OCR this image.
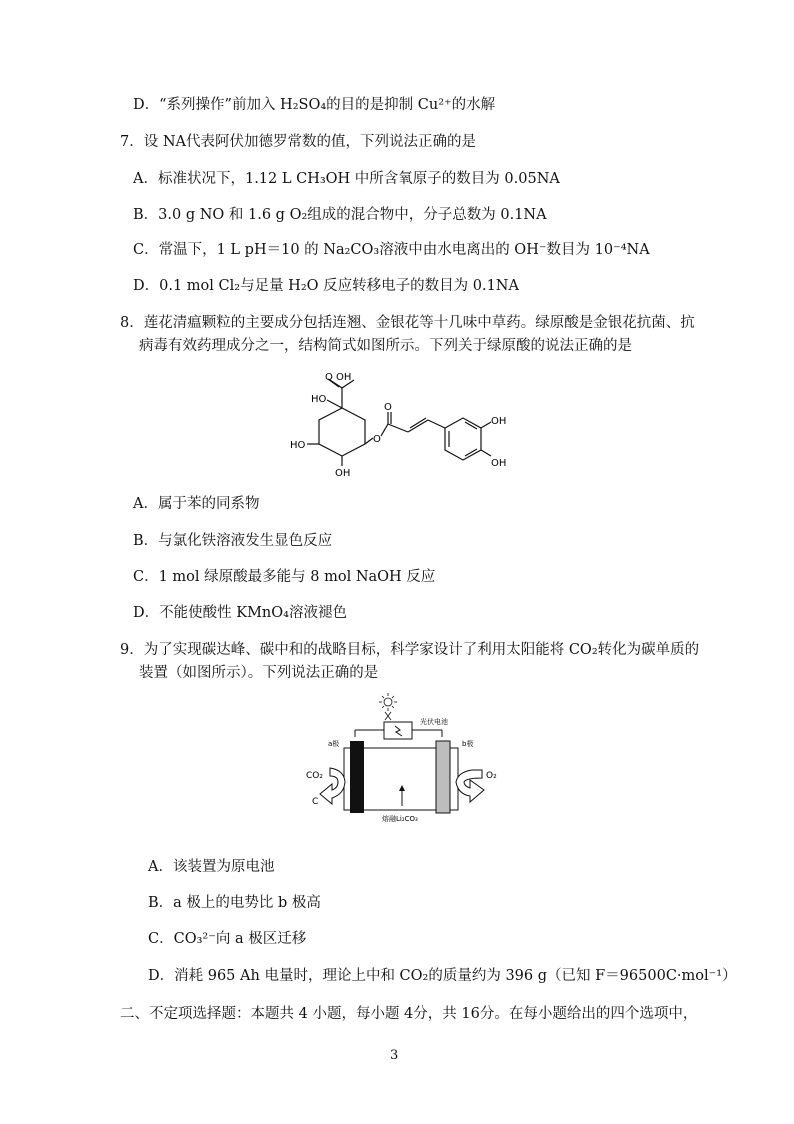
D．“系列操作”前加入 H₂SO₄的目的是抑制 Cu²⁺的水解
7．设 NA代表阿伏加德罗常数的值，下列说法正确的是
A．标准状况下，1.12 L CH₃OH 中所含氧原子的数目为 0.05NA
B．3.0 g NO 和 1.6 g O₂组成的混合物中，分子总数为 0.1NA
C．常温下，1 L pH＝10 的 Na₂CO₃溶液中由水电离出的 OH⁻数目为 10⁻⁴NA
D．0.1 mol Cl₂与足量 H₂O 反应转移电子的数目为 0.1NA
8．莲花清瘟颗粒的主要成分包括连翘、金银花等十几味中草药。绿原酸是金银花抗菌、抗
病毒有效药理成分之一，结构简式如图所示。下列关于绿原酸的说法正确的是
O OH
HO
HO
OH
O
O
OH
OH
A．属于苯的同系物
B．与氯化铁溶液发生显色反应
C．1 mol 绿原酸最多能与 8 mol NaOH 反应
D．不能使酸性 KMnO₄溶液褪色
9．为了实现碳达峰、碳中和的战略目标，科学家设计了利用太阳能将 CO₂转化为碳单质的
装置（如图所示）。下列说法正确的是
光伏电池
a极	b极
CO₂
C
O₂
熔融Li₂CO₃
A．该装置为原电池
B．a 极上的电势比 b 极高
C．CO₃²⁻向 a 极区迁移
D．消耗 965 Ah 电量时，理论上中和 CO₂的质量约为 396 g（已知 F＝96500C·mol⁻¹）
二、不定项选择题：本题共 4 小题，每小题 4分，共 16分。在每小题给出的四个选项中，
3
